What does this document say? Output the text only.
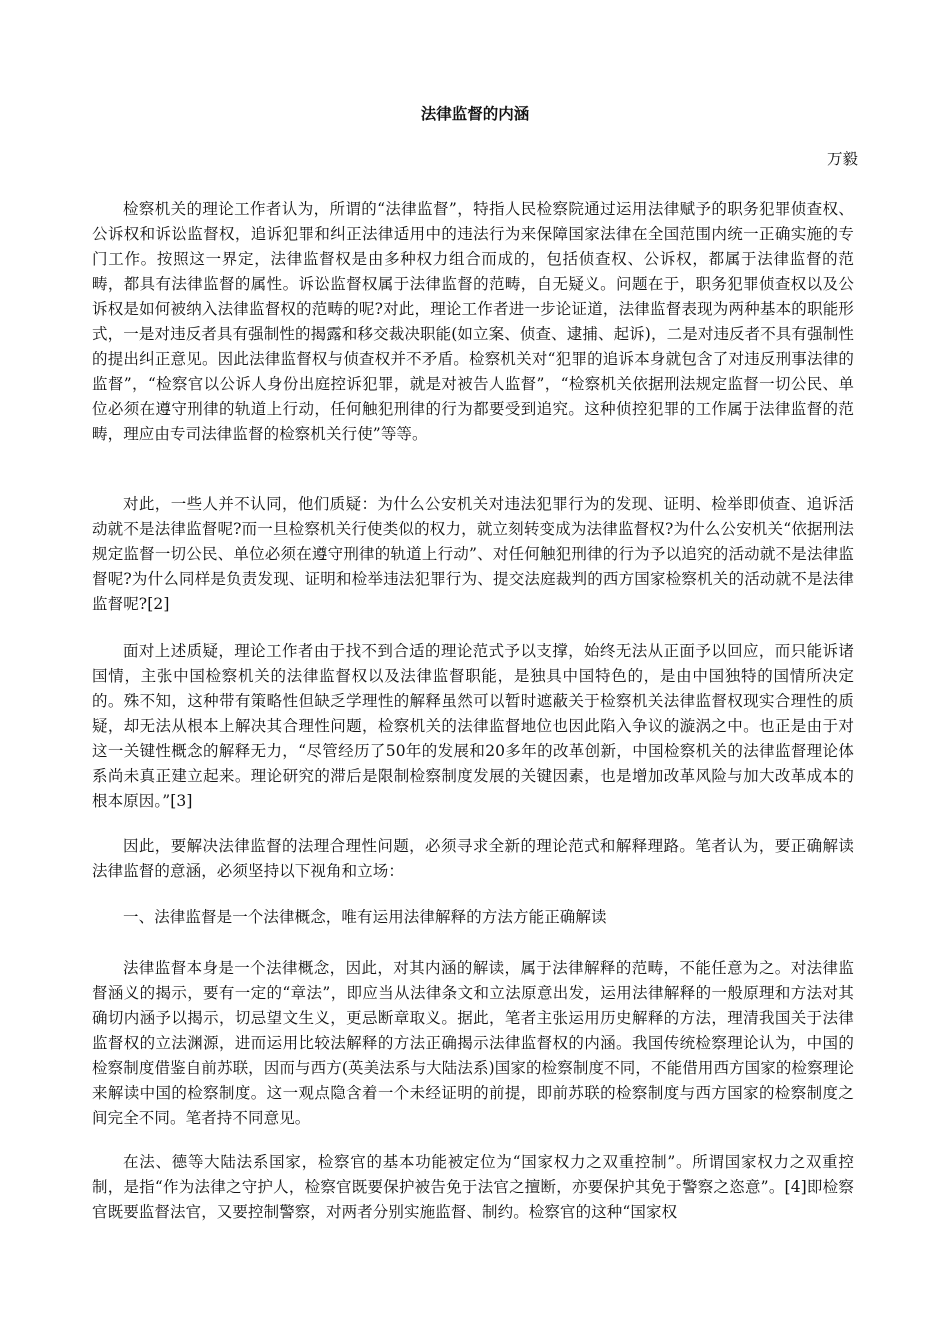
法律监督的内涵
万毅

检察机关的理论工作者认为，所谓的“法律监督”，特指人民检察院通过运用法律赋予的职务犯罪侦查权、公诉权和诉讼监督权，追诉犯罪和纠正法律适用中的违法行为来保障国家法律在全国范围内统一正确实施的专门工作。按照这一界定，法律监督权是由多种权力组合而成的，包括侦查权、公诉权，都属于法律监督的范畴，都具有法律监督的属性。诉讼监督权属于法律监督的范畴，自无疑义。问题在于，职务犯罪侦查权以及公诉权是如何被纳入法律监督权的范畴的呢?对此，理论工作者进一步论证道，法律监督表现为两种基本的职能形式，一是对违反者具有强制性的揭露和移交裁决职能(如立案、侦查、逮捕、起诉)，二是对违反者不具有强制性的提出纠正意见。因此法律监督权与侦查权并不矛盾。检察机关对“犯罪的追诉本身就包含了对违反刑事法律的监督”，“检察官以公诉人身份出庭控诉犯罪，就是对被告人监督”，“检察机关依据刑法规定监督一切公民、单位必须在遵守刑律的轨道上行动，任何触犯刑律的行为都要受到追究。这种侦控犯罪的工作属于法律监督的范畴，理应由专司法律监督的检察机关行使”等等。

对此，一些人并不认同，他们质疑：为什么公安机关对违法犯罪行为的发现、证明、检举即侦查、追诉活动就不是法律监督呢?而一旦检察机关行使类似的权力，就立刻转变成为法律监督权?为什么公安机关“依据刑法规定监督一切公民、单位必须在遵守刑律的轨道上行动”、对任何触犯刑律的行为予以追究的活动就不是法律监督呢?为什么同样是负责发现、证明和检举违法犯罪行为、提交法庭裁判的西方国家检察机关的活动就不是法律监督呢?[2]

面对上述质疑，理论工作者由于找不到合适的理论范式予以支撑，始终无法从正面予以回应，而只能诉诸国情，主张中国检察机关的法律监督权以及法律监督职能，是独具中国特色的，是由中国独特的国情所决定的。殊不知，这种带有策略性但缺乏学理性的解释虽然可以暂时遮蔽关于检察机关法律监督权现实合理性的质疑，却无法从根本上解决其合理性问题，检察机关的法律监督地位也因此陷入争议的漩涡之中。也正是由于对这一关键性概念的解释无力，“尽管经历了50年的发展和20多年的改革创新，中国检察机关的法律监督理论体系尚未真正建立起来。理论研究的滞后是限制检察制度发展的关键因素，也是增加改革风险与加大改革成本的根本原因。”[3]

因此，要解决法律监督的法理合理性问题，必须寻求全新的理论范式和解释理路。笔者认为，要正确解读法律监督的意涵，必须坚持以下视角和立场：

一、法律监督是一个法律概念，唯有运用法律解释的方法方能正确解读

法律监督本身是一个法律概念，因此，对其内涵的解读，属于法律解释的范畴，不能任意为之。对法律监督涵义的揭示，要有一定的“章法”，即应当从法律条文和立法原意出发，运用法律解释的一般原理和方法对其确切内涵予以揭示，切忌望文生义，更忌断章取义。据此，笔者主张运用历史解释的方法，理清我国关于法律监督权的立法渊源，进而运用比较法解释的方法正确揭示法律监督权的内涵。我国传统检察理论认为，中国的检察制度借鉴自前苏联，因而与西方(英美法系与大陆法系)国家的检察制度不同，不能借用西方国家的检察理论来解读中国的检察制度。这一观点隐含着一个未经证明的前提，即前苏联的检察制度与西方国家的检察制度之间完全不同。笔者持不同意见。

在法、德等大陆法系国家，检察官的基本功能被定位为“国家权力之双重控制”。所谓国家权力之双重控制，是指“作为法律之守护人，检察官既要保护被告免于法官之擅断，亦要保护其免于警察之恣意”。[4]即检察官既要监督法官，又要控制警察，对两者分别实施监督、制约。检察官的这种“国家权
